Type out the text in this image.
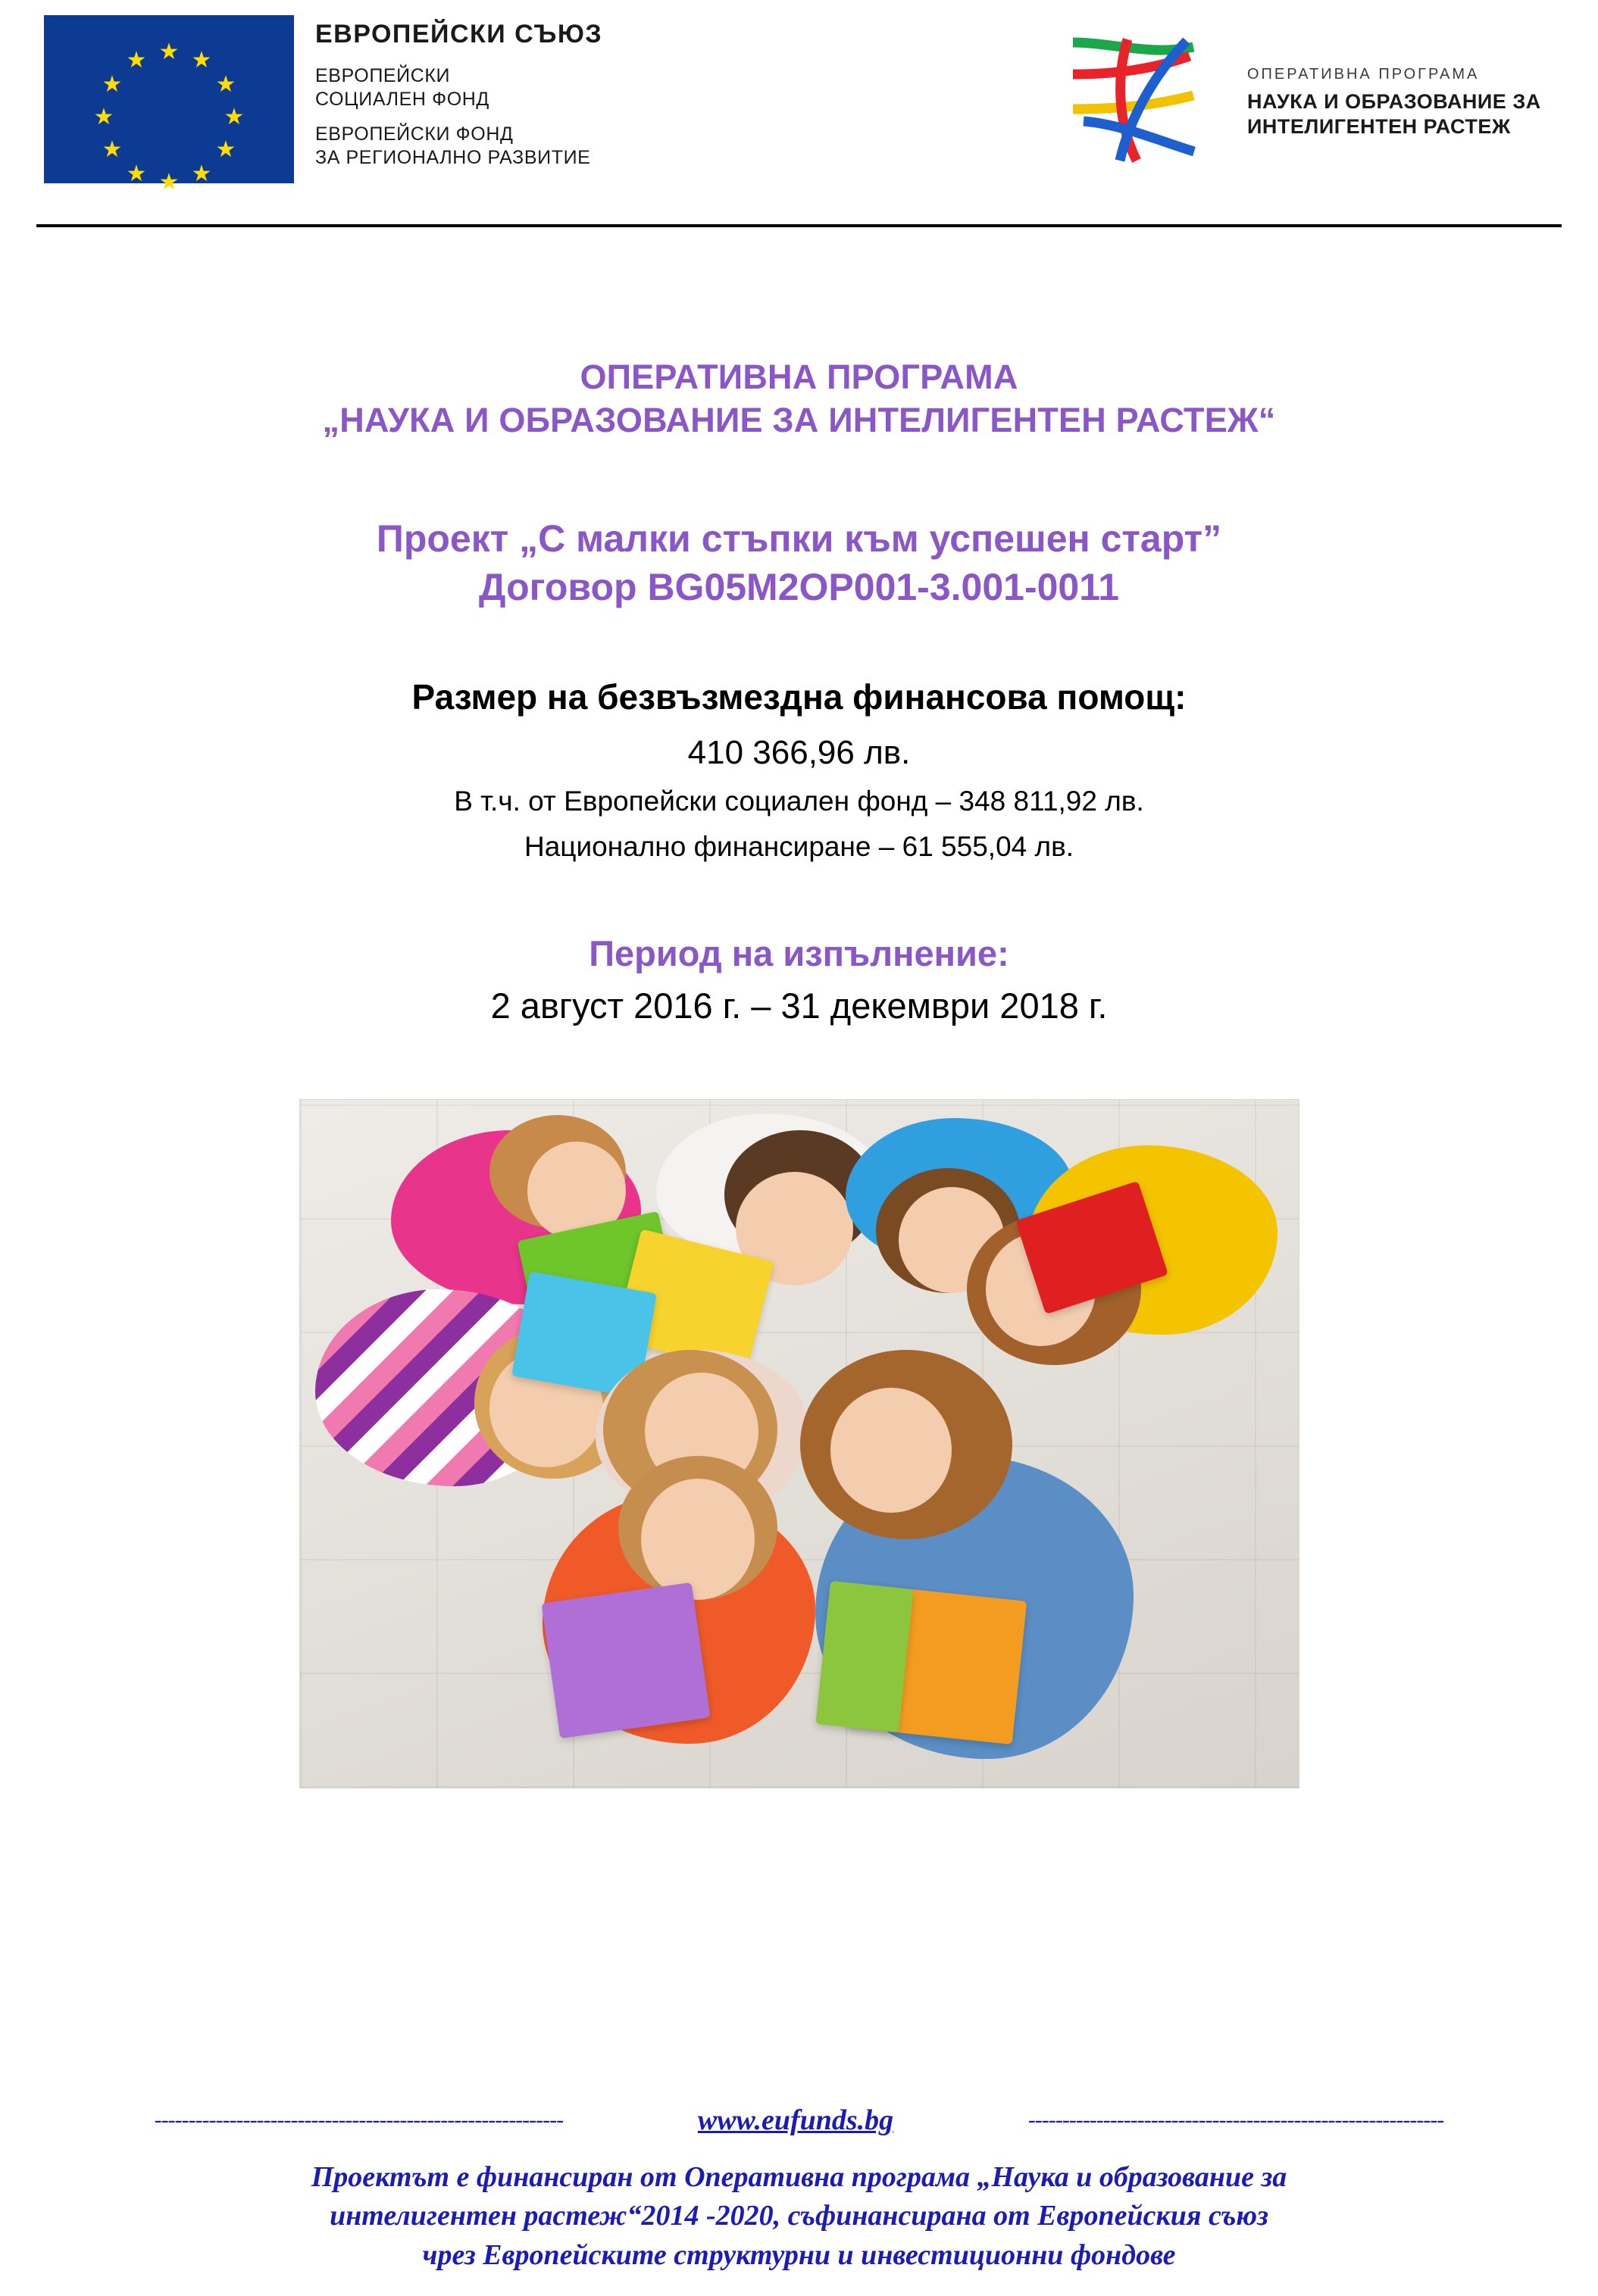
★ ★
★
★
★
★
★
★
★
★
★
★
ЕВРОПЕЙСКИ СЪЮЗ
ЕВРОПЕЙСКИ
СОЦИАЛЕН ФОНД
ЕВРОПЕЙСКИ ФОНД
ЗА РЕГИОНАЛНО РАЗВИТИЕ
ОПЕРАТИВНА ПРОГРАМА
НАУКА И ОБРАЗОВАНИЕ ЗА
ИНТЕЛИГЕНТЕН РАСТЕЖ
ОПЕРАТИВНА ПРОГРАМА
„НАУКА И ОБРАЗОВАНИЕ ЗА ИНТЕЛИГЕНТЕН РАСТЕЖ“
Проект „С малки стъпки към успешен старт”
Договор BG05M2OP001-3.001-0011
Размер на безвъзмездна финансова помощ:
410 366,96 лв.
В т.ч. от Европейски социален фонд – 348 811,92 лв.
Национално финансиране – 61 555,04 лв.
Период на изпълнение:
2 август 2016 г. – 31 декември 2018 г.
------------------------------------------------------------	www.eufunds.bg	-------------------------------------------------------------
Проектът е финансиран от Оперативна програма „Наука и образование за
интелигентен растеж“2014 -2020, съфинансирана от Европейския съюз
чрез Европейските структурни и инвестиционни фондове
